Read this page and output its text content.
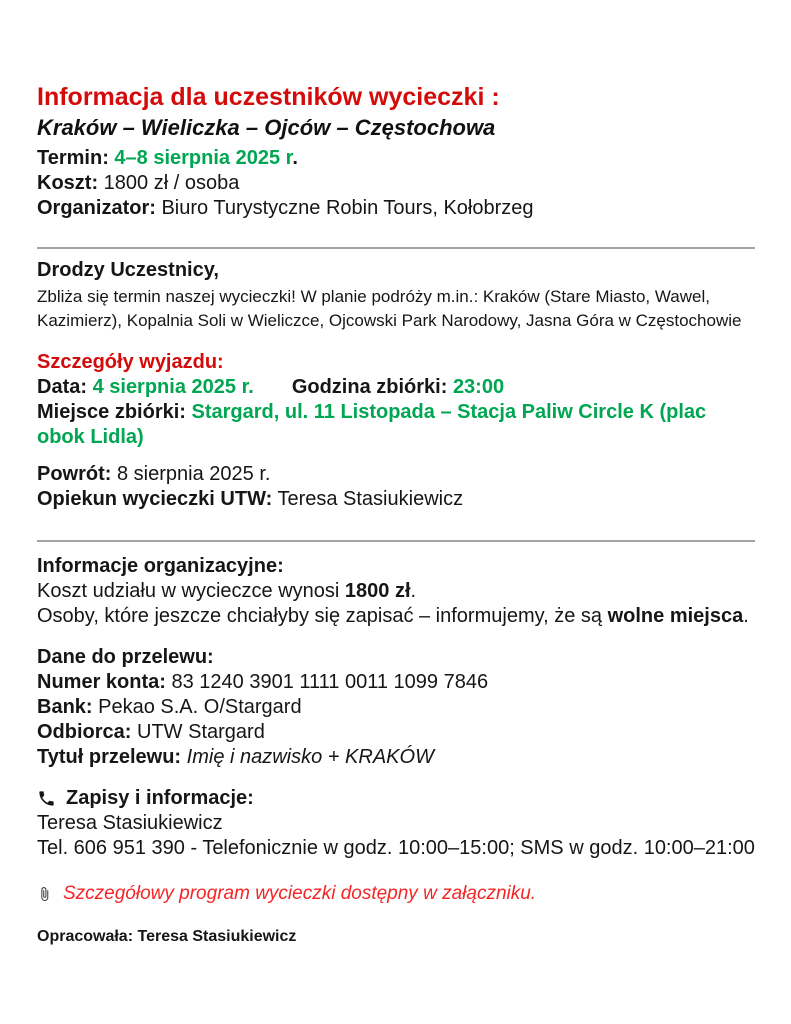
Informacja dla uczestników wycieczki :
Kraków – Wieliczka – Ojców – Częstochowa

Termin: 4–8 sierpnia 2025 r.

Koszt: 1800 zł / osoba

Organizator: Biuro Turystyczne Robin Tours, Kołobrzeg

Drodzy Uczestnicy,

Zbliża się termin naszej wycieczki! W planie podróży m.in.: Kraków (Stare Miasto, Wawel, Kazimierz), Kopalnia Soli w Wieliczce, Ojcowski Park Narodowy, Jasna Góra w Częstochowie

Szczegóły wyjazdu:

Data: 4 sierpnia 2025 r. Godzina zbiórki: 23:00

Miejsce zbiórki: Stargard, ul. 11 Listopada – Stacja Paliw Circle K (plac obok Lidla)

Powrót: 8 sierpnia 2025 r.

Opiekun wycieczki UTW: Teresa Stasiukiewicz

Informacje organizacyjne:

Koszt udziału w wycieczce wynosi 1800 zł.

Osoby, które jeszcze chciałyby się zapisać – informujemy, że są wolne miejsca.

Dane do przelewu:

Numer konta: 83 1240 3901 1111 0011 1099 7846

Bank: Pekao S.A. O/Stargard

Odbiorca: UTW Stargard

Tytuł przelewu: Imię i nazwisko + KRAKÓW

Zapisy i informacje:

Teresa Stasiukiewicz

Tel. 606 951 390 - Telefonicznie w godz. 10:00–15:00; SMS w godz. 10:00–21:00

Szczegółowy program wycieczki dostępny w załączniku.

Opracowała: Teresa Stasiukiewicz
